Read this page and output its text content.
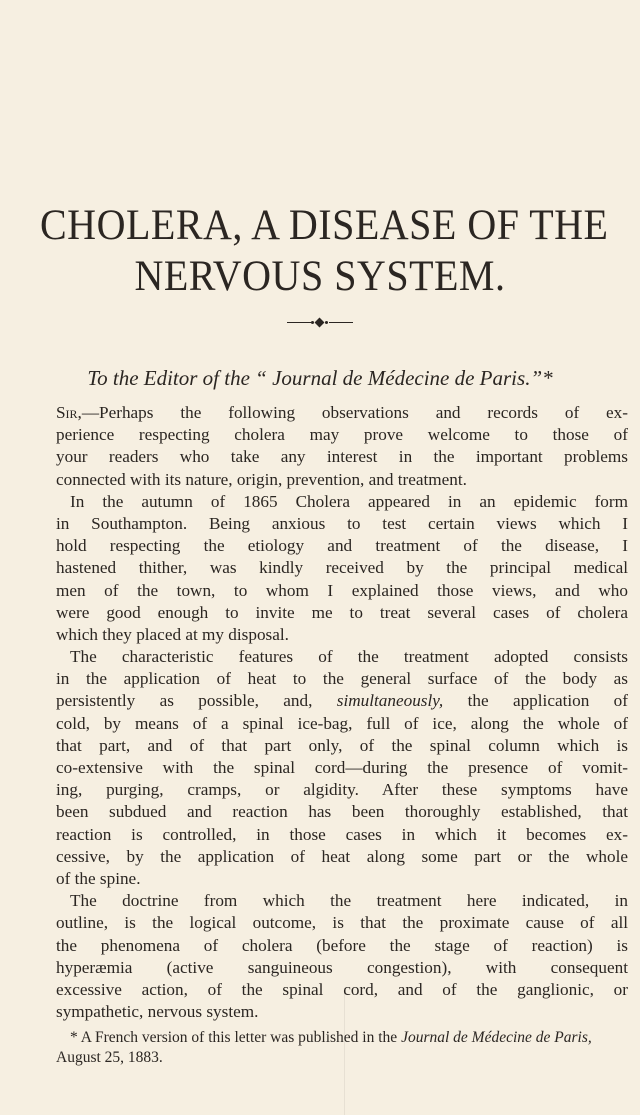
CHOLERA, A DISEASE OF THE
NERVOUS SYSTEM.
To the Editor of the “ Journal de Médecine de Paris.”*
Sir,—Perhaps the following observations and records of ex-
perience respecting cholera may prove welcome to those of
your readers who take any interest in the important problems
connected with its nature, origin, prevention, and treatment.
In the autumn of 1865 Cholera appeared in an epidemic form
in Southampton. Being anxious to test certain views which I
hold respecting the etiology and treatment of the disease, I
hastened thither, was kindly received by the principal medical
men of the town, to whom I explained those views, and who
were good enough to invite me to treat several cases of cholera
which they placed at my disposal.
The characteristic features of the treatment adopted consists
in the application of heat to the general surface of the body as
persistently as possible, and, simultaneously, the application of
cold, by means of a spinal ice-bag, full of ice, along the whole of
that part, and of that part only, of the spinal column which is
co-extensive with the spinal cord—during the presence of vomit-
ing, purging, cramps, or algidity. After these symptoms have
been subdued and reaction has been thoroughly established, that
reaction is controlled, in those cases in which it becomes ex-
cessive, by the application of heat along some part or the whole
of the spine.
The doctrine from which the treatment here indicated, in
outline, is the logical outcome, is that the proximate cause of all
the phenomena of cholera (before the stage of reaction) is
hyperæmia (active sanguineous congestion), with consequent
excessive action, of the spinal cord, and of the ganglionic, or
sympathetic, nervous system.
* A French version of this letter was published in the Journal de Médecine de Paris, August 25, 1883.
